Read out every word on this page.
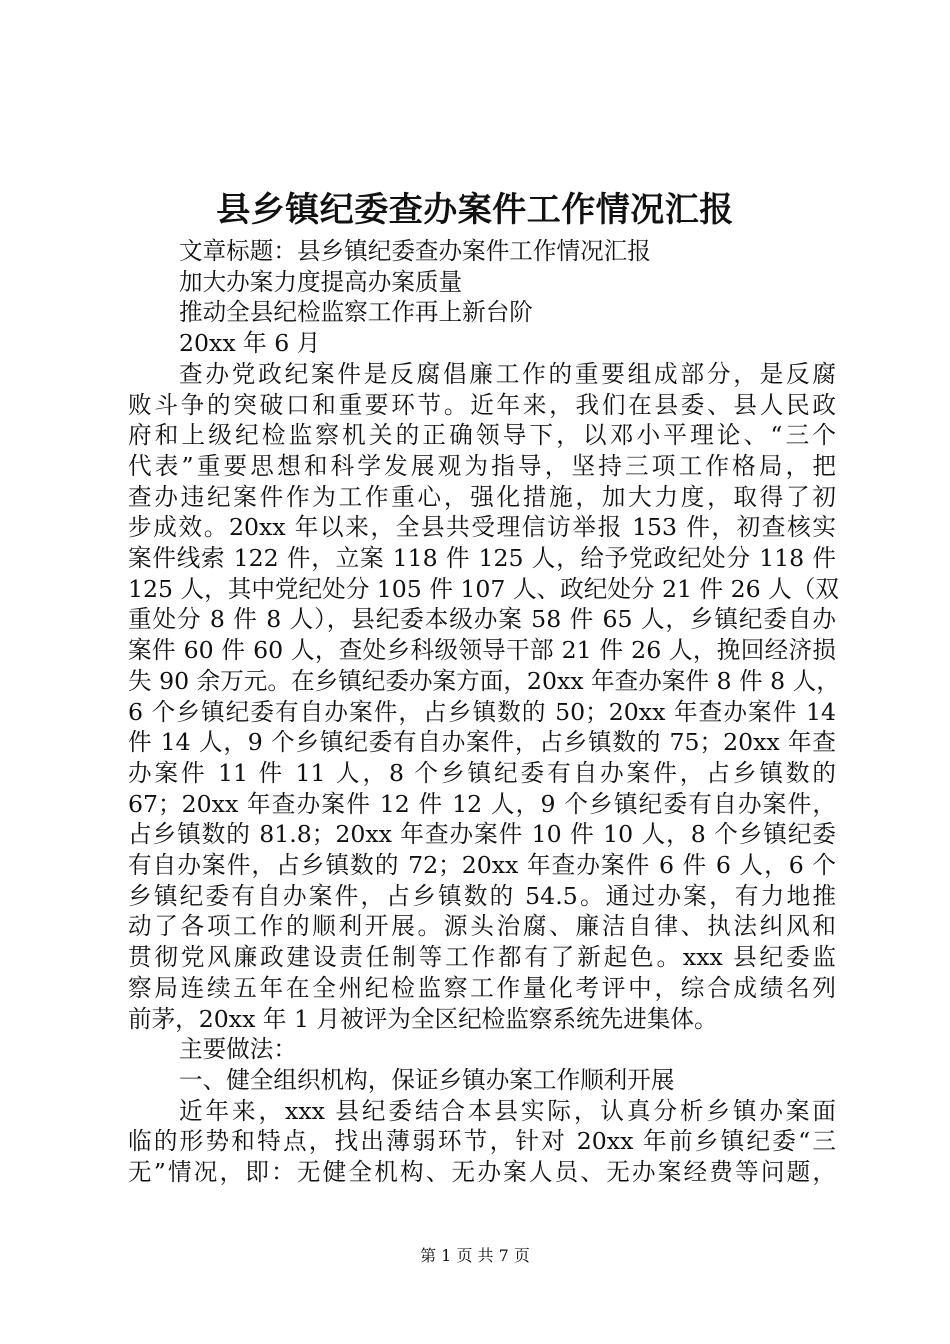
县乡镇纪委查办案件工作情况汇报

文章标题：县乡镇纪委查办案件工作情况汇报

加大办案力度提高办案质量

推动全县纪检监察工作再上新台阶

20xx 年 6 月

查办党政纪案件是反腐倡廉工作的重要组成部分，是反腐

败斗争的突破口和重要环节。近年来，我们在县委、县人民政

府和上级纪检监察机关的正确领导下，以邓小平理论、“三个

代表”重要思想和科学发展观为指导，坚持三项工作格局，把

查办违纪案件作为工作重心，强化措施，加大力度，取得了初

步成效。20xx 年以来，全县共受理信访举报 153 件，初查核实

案件线索 122 件，立案 118 件 125 人，给予党政纪处分 118 件

125 人，其中党纪处分 105 件 107 人、政纪处分 21 件 26 人（双

重处分 8 件 8 人），县纪委本级办案 58 件 65 人，乡镇纪委自办

案件 60 件 60 人，查处乡科级领导干部 21 件 26 人，挽回经济损

失 90 余万元。在乡镇纪委办案方面，20xx 年查办案件 8 件 8 人，

6 个乡镇纪委有自办案件，占乡镇数的 50；20xx 年查办案件 14

件 14 人，9 个乡镇纪委有自办案件，占乡镇数的 75；20xx 年查

办案件 11 件 11 人，8 个乡镇纪委有自办案件，占乡镇数的

67；20xx 年查办案件 12 件 12 人，9 个乡镇纪委有自办案件，

占乡镇数的 81.8；20xx 年查办案件 10 件 10 人，8 个乡镇纪委

有自办案件，占乡镇数的 72；20xx 年查办案件 6 件 6 人，6 个

乡镇纪委有自办案件，占乡镇数的 54.5。通过办案，有力地推

动了各项工作的顺利开展。源头治腐、廉洁自律、执法纠风和

贯彻党风廉政建设责任制等工作都有了新起色。xxx 县纪委监

察局连续五年在全州纪检监察工作量化考评中，综合成绩名列

前茅，20xx 年 1 月被评为全区纪检监察系统先进集体。

主要做法：

一、健全组织机构，保证乡镇办案工作顺利开展

近年来，xxx 县纪委结合本县实际，认真分析乡镇办案面

临的形势和特点，找出薄弱环节，针对 20xx 年前乡镇纪委“三

无”情况，即：无健全机构、无办案人员、无办案经费等问题，

第 1 页 共 7 页
